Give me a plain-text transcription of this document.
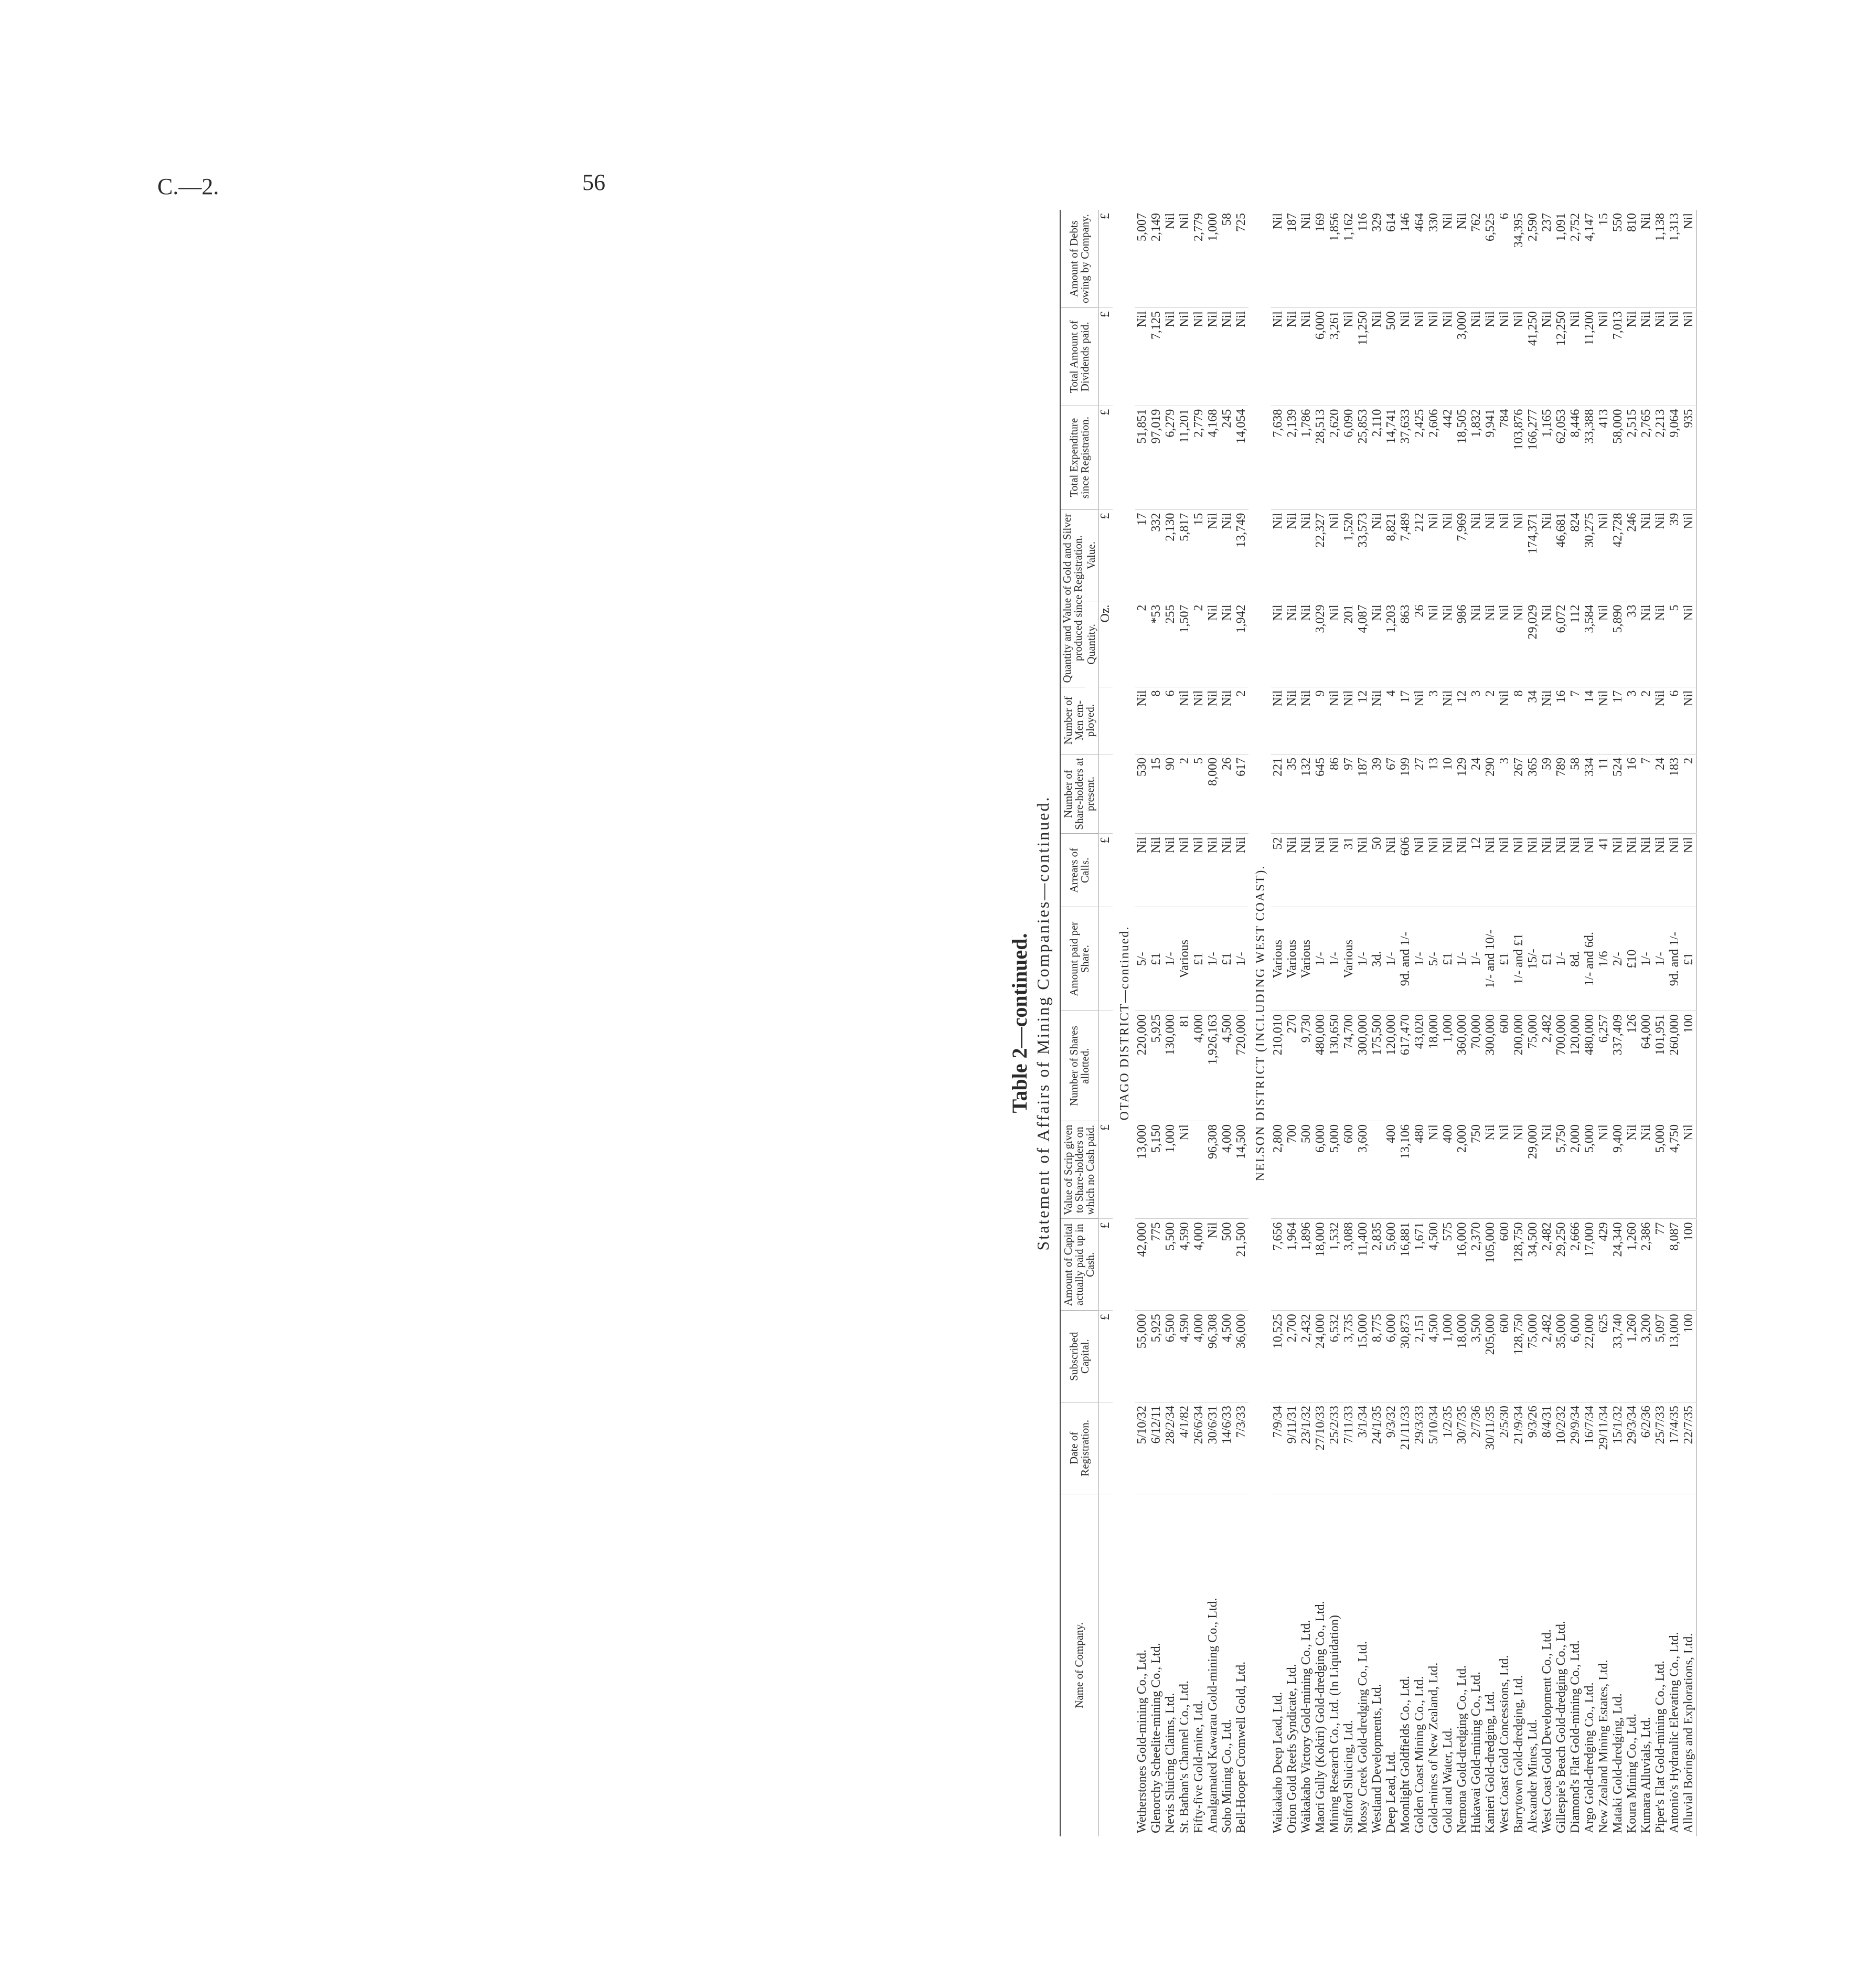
C.—2.	56
Table 2—continued. Statement of Affairs of Mining Companies—continued.
Name of Company.	Date of Registration.	Subscribed Capital.	Amount of Capital actually paid up in Cash.	Value of Scrip given to Share-holders on which no Cash paid.	Number of Shares allotted.	Amount paid per Share.	Arrears of Calls.	Number of Share-holders at present.	Number of Men em-ployed.	Quantity and Value of Gold and Silver produced since Registration.		Total Expenditure since Registration.	Total Amount of Dividends paid.	Amount of Debts owing by Company.
										Quantity.	Value.			
		£	£	£			£			Oz.	£	£	£	£
OTAGO DISTRICT—continued.														
Wetherstones Gold-mining Co., Ltd.	5/10/32	55,000	42,000	13,000	220,000	5/-	Nil	530	Nil	2	17	51,851	Nil	5,007
Glenorchy Scheelite-mining Co., Ltd.	6/12/11	5,925	775	5,150	5,925	£1	Nil	15	8	*53	332	97,019	7,125	2,149
Nevis Sluicing Claims, Ltd.	28/2/34	6,500	5,500	1,000	130,000	1/-	Nil	90	6	255	2,130	6,279	Nil	Nil
St. Bathan's Channel Co., Ltd.	4/1/82	4,590	4,590	Nil	81	Various	Nil	2	Nil	1,507	5,817	11,201	Nil	Nil
Fifty-five Gold-mine, Ltd.	26/6/34	4,000	4,000		4,000	£1	Nil	5	Nil	2	15	2,779	Nil	2,779
Amalgamated Kawarau Gold-mining Co., Ltd.	30/6/31	96,308	Nil	96,308	1,926,163	1/-	Nil	8,000	Nil	Nil	Nil	4,168	Nil	1,000
Soho Mining Co., Ltd.	14/6/33	4,500	500	4,000	4,500	£1	Nil	26	Nil	Nil	Nil	245	Nil	58
Bell-Hooper Cromwell Gold, Ltd.	7/3/33	36,000	21,500	14,500	720,000	1/-	Nil	617	2	1,942	13,749	14,054	Nil	725
NELSON DISTRICT (INCLUDING WEST COAST).														
Waikakaho Deep Lead, Ltd.	7/9/34	10,525	7,656	2,800	210,010	Various	52	221	Nil	Nil	Nil	7,638	Nil	Nil
Orion Gold Reefs Syndicate, Ltd.	9/11/31	2,700	1,964	700	270	Various	Nil	35	Nil	Nil	Nil	2,139	Nil	187
Waikakaho Victory Gold-mining Co., Ltd.	23/1/32	2,432	1,896	500	9,730	Various	Nil	132	Nil	Nil	Nil	1,786	Nil	Nil
Maori Gully (Kokiri) Gold-dredging Co., Ltd.	27/10/33	24,000	18,000	6,000	480,000	1/-	Nil	645	9	3,029	22,327	28,513	6,000	169
Mining Research Co., Ltd. (In Liquidation)	25/2/33	6,532	1,532	5,000	130,650	1/-	Nil	86	Nil	Nil	Nil	2,620	3,261	1,856
Stafford Sluicing, Ltd.	7/11/33	3,735	3,088	600	74,700	Various	31	97	Nil	201	1,520	6,090	Nil	1,162
Mossy Creek Gold-dredging Co., Ltd.	3/1/34	15,000	11,400	3,600	300,000	1/-	Nil	187	12	4,087	33,573	25,853	11,250	116
Westland Developments, Ltd.	24/1/35	8,775	2,835		175,500	3d.	50	39	Nil	Nil	Nil	2,110	Nil	329
Deep Lead, Ltd.	9/3/32	6,000	5,600	400	120,000	1/-	Nil	67	4	1,203	8,821	14,741	500	614
Moonlight Goldfields Co., Ltd.	21/11/33	30,873	16,881	13,106	617,470	9d. and 1/-	606	199	17	863	7,489	37,633	Nil	146
Golden Coast Mining Co., Ltd.	29/3/33	2,151	1,671	480	43,020	1/-	Nil	27	Nil	26	212	2,425	Nil	464
Gold-mines of New Zealand, Ltd.	5/10/34	4,500	4,500	Nil	18,000	5/-	Nil	13	3	Nil	Nil	2,606	Nil	330
Gold and Water, Ltd.	1/2/35	1,000	575	400	1,000	£1	Nil	10	Nil	Nil	Nil	442	Nil	Nil
Nemona Gold-dredging Co., Ltd.	30/7/35	18,000	16,000	2,000	360,000	1/-	Nil	129	12	986	7,969	18,505	3,000	Nil
Hukawai Gold-mining Co., Ltd.	2/7/36	3,500	2,370	750	70,000	1/-	12	24	3	Nil	Nil	1,832	Nil	762
Kanieri Gold-dredging, Ltd.	30/11/35	205,000	105,000	Nil	300,000	1/- and 10/-	Nil	290	2	Nil	Nil	9,941	Nil	6,525
West Coast Gold Concessions, Ltd.	2/5/30	600	600	Nil	600	£1	Nil	3	Nil	Nil	Nil	784	Nil	6
Barrytown Gold-dredging, Ltd.	21/9/34	128,750	128,750	Nil	200,000	1/- and £1	Nil	267	8	Nil	Nil	103,876	Nil	34,395
Alexander Mines, Ltd.	9/3/26	75,000	34,500	29,000	75,000	15/-	Nil	365	34	29,029	174,371	166,277	41,250	2,590
West Coast Gold Development Co., Ltd.	8/4/31	2,482	2,482	Nil	2,482	£1	Nil	59	Nil	Nil	Nil	1,165	Nil	237
Gillespie's Beach Gold-dredging Co., Ltd.	10/2/32	35,000	29,250	5,750	700,000	1/-	Nil	789	16	6,072	46,681	62,053	12,250	1,091
Diamond's Flat Gold-mining Co., Ltd.	29/9/34	6,000	2,666	2,000	120,000	8d.	Nil	58	7	112	824	8,446	Nil	2,752
Argo Gold-dredging Co., Ltd.	16/7/34	22,000	17,000	5,000	480,000	1/- and 6d.	Nil	334	14	3,584	30,275	33,388	11,200	4,147
New Zealand Mining Estates, Ltd.	29/11/34	625	429	Nil	6,257	1/6	41	11	Nil	Nil	Nil	413	Nil	15
Mataki Gold-dredging, Ltd.	15/1/32	33,740	24,340	9,400	337,409	2/-	Nil	524	17	5,890	42,728	58,000	7,013	550
Koura Mining Co., Ltd.	29/3/34	1,260	1,260	Nil	126	£10	Nil	16	3	33	246	2,515	Nil	810
Kumara Alluvials, Ltd.	6/2/36	3,200	2,386	Nil	64,000	1/-	Nil	7	2	Nil	Nil	2,765	Nil	Nil
Piper's Flat Gold-mining Co., Ltd.	25/7/33	5,097	77	5,000	101,951	1/-	Nil	24	Nil	Nil	Nil	2,213	Nil	1,138
Antonio's Hydraulic Elevating Co., Ltd.	17/4/35	13,000	8,087	4,750	260,000	9d. and 1/-	Nil	183	6	5	39	9,064	Nil	1,313
Alluvial Borings and Explorations, Ltd.	22/7/35	100	100	Nil	100	£1	Nil	2	Nil	Nil	Nil	935	Nil	Nil
